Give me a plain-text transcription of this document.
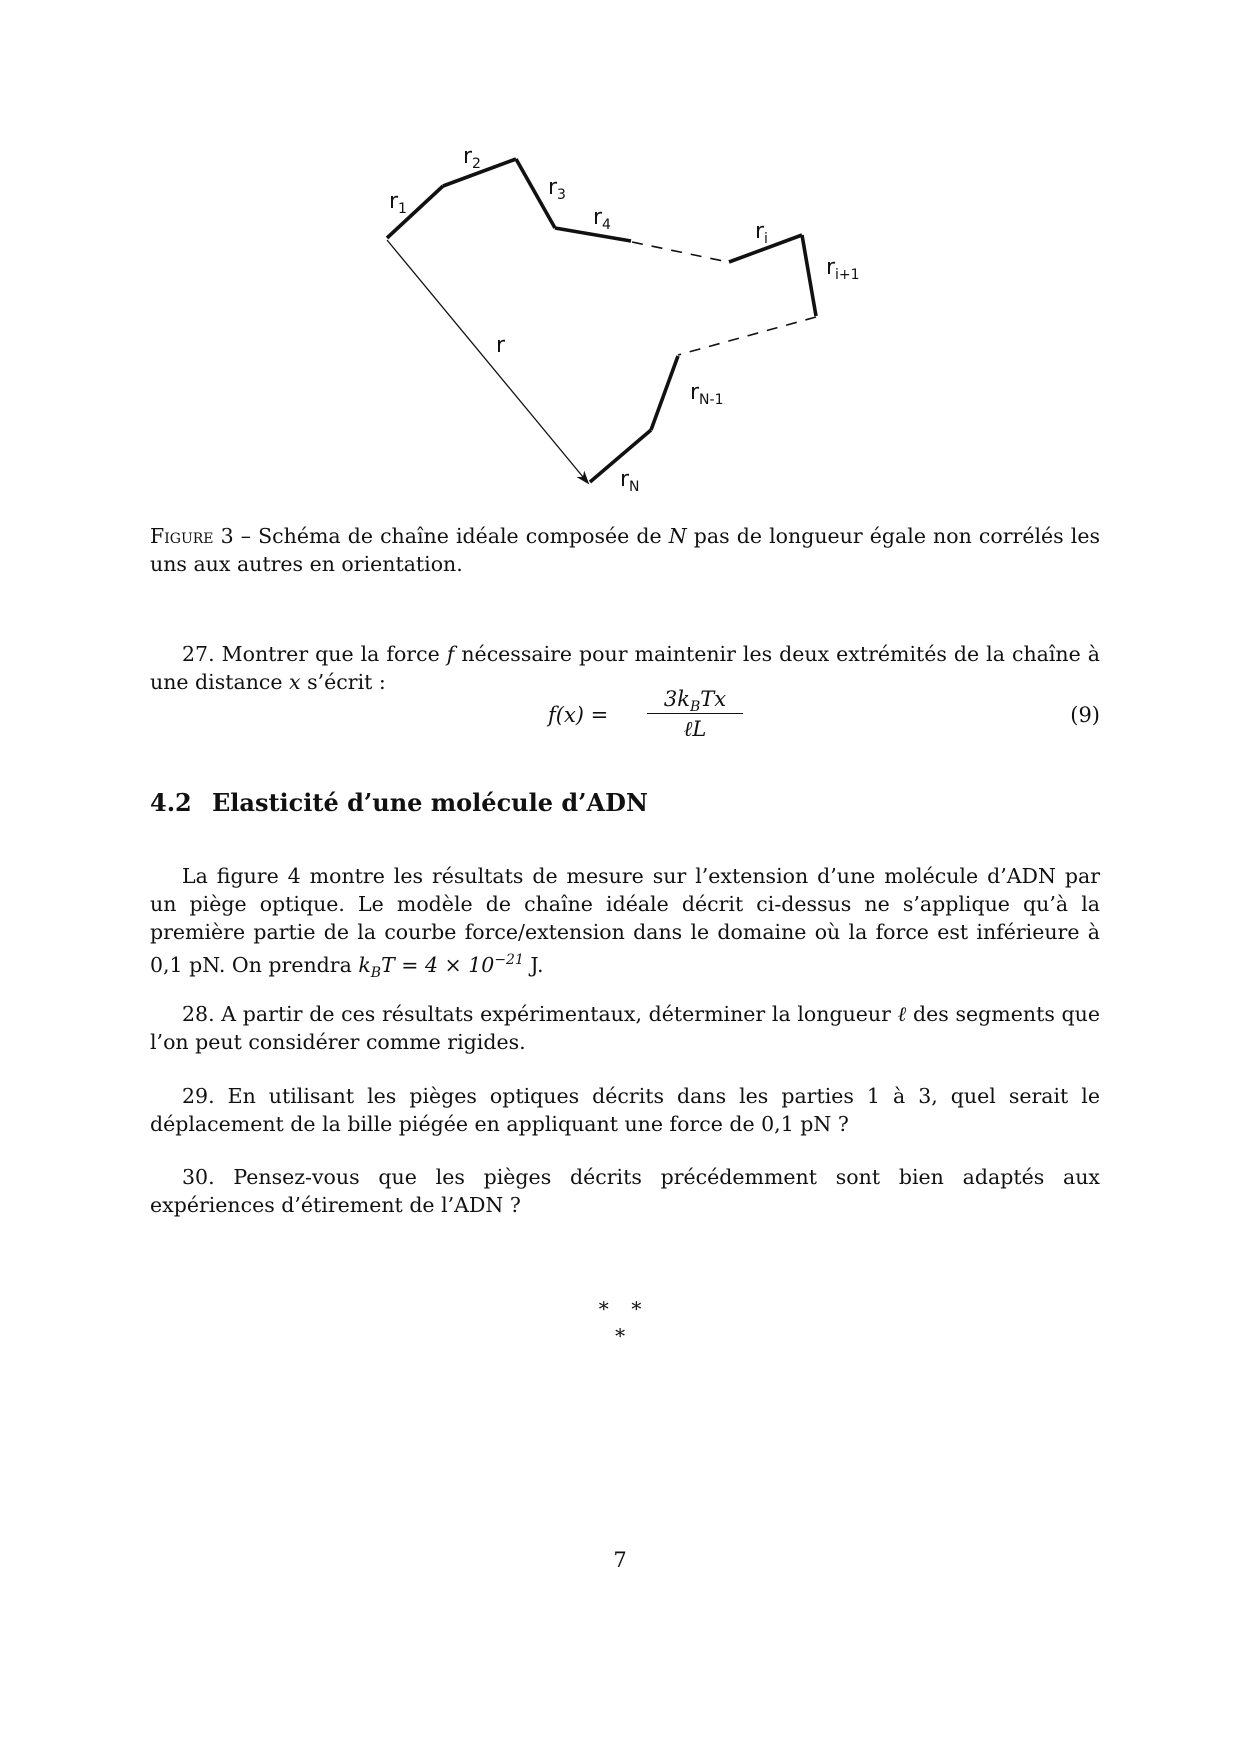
$r_1$
$r_2$
$r_3$
$r_4$	$r_i$
$r_{i+1}$
r
$r_{N-1}$
$r_N$
Figure 3 – Schéma de chaîne idéale composée de N pas de longueur égale non corrélés les uns aux autres en orientation.
27. Montrer que la force f nécessaire pour maintenir les deux extrémités de la chaîne à une distance x s’écrit :
f(x) =
$3k_BTx$
ℓL
(9)
4.2 Elasticité d’une molécule d’ADN
La figure 4 montre les résultats de mesure sur l’extension d’une molécule d’ADN par un piège optique. Le modèle de chaîne idéale décrit ci-dessus ne s’applique qu’à la première partie de la courbe force/extension dans le domaine où la force est inférieure à 0,1 pN. On prendra $k_BT = 4 \times 10^{-21}$ J.
28. A partir de ces résultats expérimentaux, déterminer la longueur ℓ des segments que l’on peut considérer comme rigides.
29. En utilisant les pièges optiques décrits dans les parties 1 à 3, quel serait le déplacement de la bille piégée en appliquant une force de 0,1 pN ?
30. Pensez-vous que les pièges décrits précédemment sont bien adaptés aux expériences d’étirement de l’ADN ?
∗   ∗
∗
7
